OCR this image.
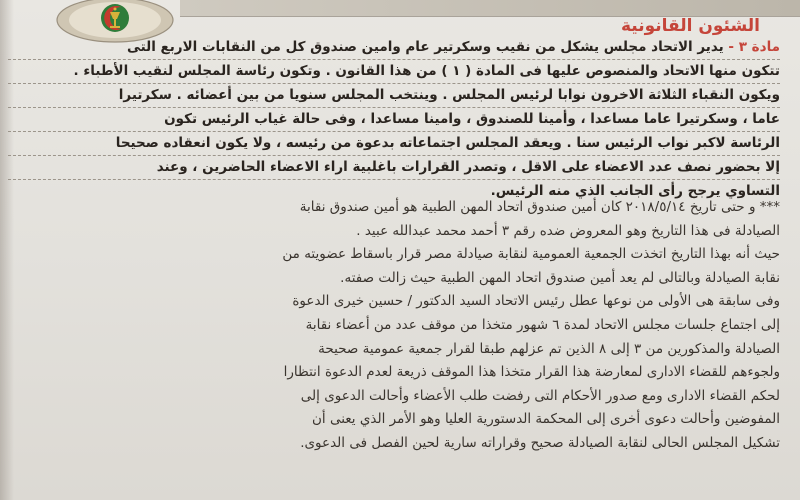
الشئون القانونية
مادة ٣ - يدير الاتحاد مجلس يشكل من نقيب وسكرتير عام وامين صندوق كل من النقابات الاربع التى
تتكون منها الاتحاد والمنصوص عليها فى المادة ( ١ ) من هذا القانون . وتكون رئاسة المجلس لنقيب الأطباء .
ويكون النقباء الثلاثة الاخرون نوابا لرئيس المجلس . وينتخب المجلس سنويا من بين أعضائه . سكرتيرا
عاما ، وسكرتيرا عاما مساعدا ، وأمينا للصندوق ، وامينا مساعدا ، وفى حالة غياب الرئيس تكون
الرئاسة لاكبر نواب الرئيس سنا . ويعقد المجلس اجتماعاته بدعوة من رئيسه ، ولا يكون انعقاده صحيحا
إلا بحضور نصف عدد الاعضاء على الاقل ، وتصدر القرارات باغلبية اراء الاعضاء الحاضرين ، وعند
التساوي يرجح رأى الجانب الذي منه الرئيس.
*** و حتى تاريخ ٢٠١٨/٥/١٤ كان أمين صندوق اتحاد المهن الطبية هو أمين صندوق نقابة
الصيادلة فى هذا التاريخ وهو المعروض ضده رقم ٣ أحمد محمد عبدالله عبيد .
حيث أنه بهذا التاريخ اتخذت الجمعية العمومية لنقابة صيادلة مصر قرار باسقاط عضويته من
نقابة الصيادلة وبالتالى لم يعد أمين صندوق اتحاد المهن الطبية حيث زالت صفته.
وفى سابقة هى الأولى من نوعها عطل رئيس الاتحاد السيد الدكتور / حسين خيرى الدعوة
إلى اجتماع جلسات مجلس الاتحاد لمدة ٦ شهور متخذا من موقف عدد من أعضاء نقابة
الصيادلة والمذكورين من ٣ إلى ٨ الذين تم عزلهم طبقا لقرار جمعية عمومية صحيحة
ولجوءهم للقضاء الادارى لمعارضة هذا القرار متخذا هذا الموقف ذريعة لعدم الدعوة انتظارا
لحكم القضاء الادارى ومع صدور الأحكام التى رفضت طلب الأعضاء وأحالت الدعوى إلى
المفوضين وأحالت دعوى أخرى إلى المحكمة الدستورية العليا وهو الأمر الذي يعنى أن
تشكيل المجلس الحالى لنقابة الصيادلة صحيح وقراراته سارية لحين الفصل فى الدعوى.
